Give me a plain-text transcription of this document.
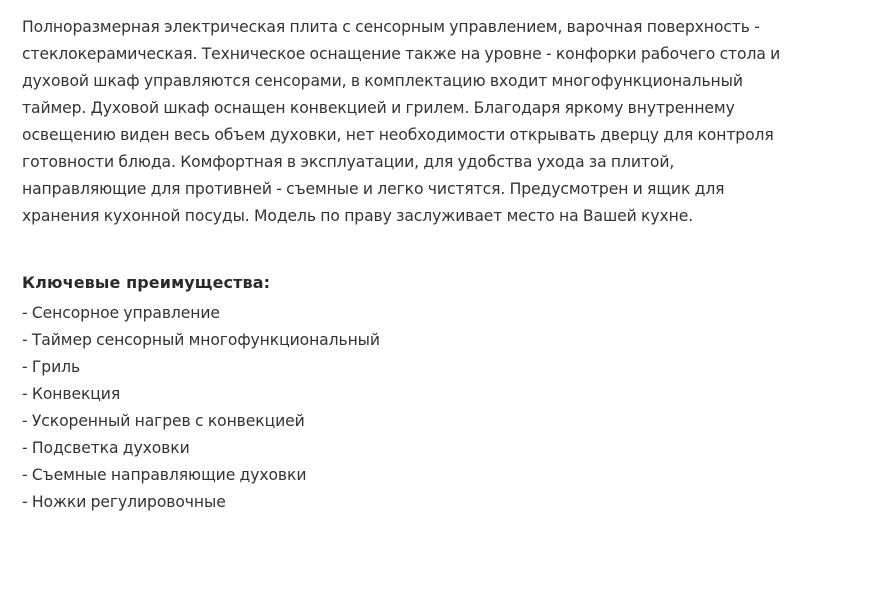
Полноразмерная электрическая плита с сенсорным управлением, варочная поверхность -
стеклокерамическая. Техническое оснащение также на уровне - конфорки рабочего стола и
духовой шкаф управляются сенсорами, в комплектацию входит многофункциональный
таймер. Духовой шкаф оснащен конвекцией и грилем. Благодаря яркому внутреннему
освещению виден весь объем духовки, нет необходимости открывать дверцу для контроля
готовности блюда. Комфортная в эксплуатации, для удобства ухода за плитой,
направляющие для противней - съемные и легко чистятся. Предусмотрен и ящик для
хранения кухонной посуды. Модель по праву заслуживает место на Вашей кухне.

Ключевые преимущества:
- Сенсорное управление
- Таймер сенсорный многофункциональный
- Гриль
- Конвекция
- Ускоренный нагрев с конвекцией
- Подсветка духовки
- Съемные направляющие духовки
- Ножки регулировочные
